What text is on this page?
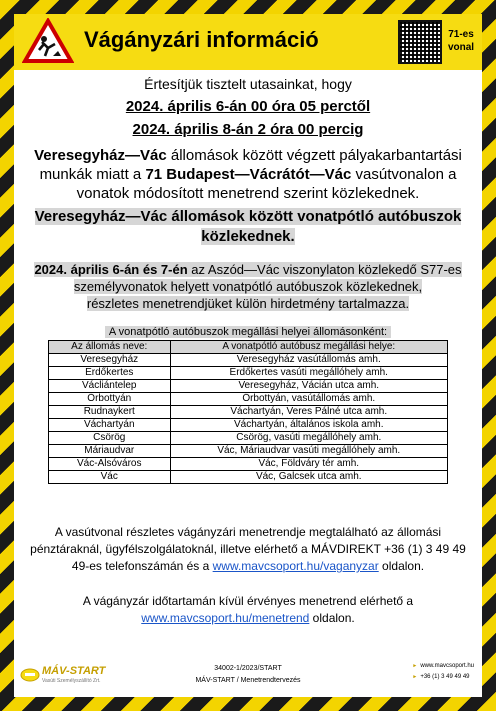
Vágányzári információ	71-es vonal

Értesítjük tisztelt utasainkat, hogy

2024. április 6-án 00 óra 05 perctől

2024. április 8-án 2 óra 00 percig

Veresegyház—Vác állomások között végzett pályakarbantartási munkák miatt a 71 Budapest—Vácrátót—Vác vasútvonalon a vonatok módosított menetrend szerint közlekednek.

Veresegyház—Vác állomások között vonatpótló autóbuszok közlekednek.

2024. április 6-án és 7-én az Aszód—Vác viszonylaton közlekedő S77-es személyvonatok helyett vonatpótló autóbuszok közlekednek,
részletes menetrendjüket külön hirdetmény tartalmazza.

A vonatpótló autóbuszok megállási helyei állomásonként:
Az állomás neve:	A vonatpótló autóbusz megállási helye:
Veresegyház	Veresegyház vasútállomás amh.
Erdőkertes	Erdőkertes vasúti megállóhely amh.
Václiántelep	Veresegyház, Vácián utca amh.
Őrbottyán	Őrbottyán, vasútállomás amh.
Rudnaykert	Váchartyán, Veres Pálné utca amh.
Váchartyán	Váchartyán, általános iskola amh.
Csörög	Csörög, vasúti megállóhely amh.
Máriaudvar	Vác, Máriaudvar vasúti megállóhely amh.
Vác-Alsóváros	Vác, Földváry tér amh.
Vác	Vác, Galcsek utca amh.

A vasútvonal részletes vágányzári menetrendje megtalálható az állomási pénztáraknál, ügyfélszolgálatoknál, illetve elérhető a MÁVDIREKT +36 (1) 3 49 49 49-es telefonszámán és a www.mavcsoport.hu/vaganyzar oldalon.

A vágányzár időtartamán kívül érvényes menetrend elérhető a
www.mavcsoport.hu/menetrend oldalon.

MÁV-START
Vasúti Személyszállító Zrt.
34002-1/2023/START
MÁV-START / Menetrendtervezés
► www.mavcsoport.hu
► +36 (1) 3 49 49 49
